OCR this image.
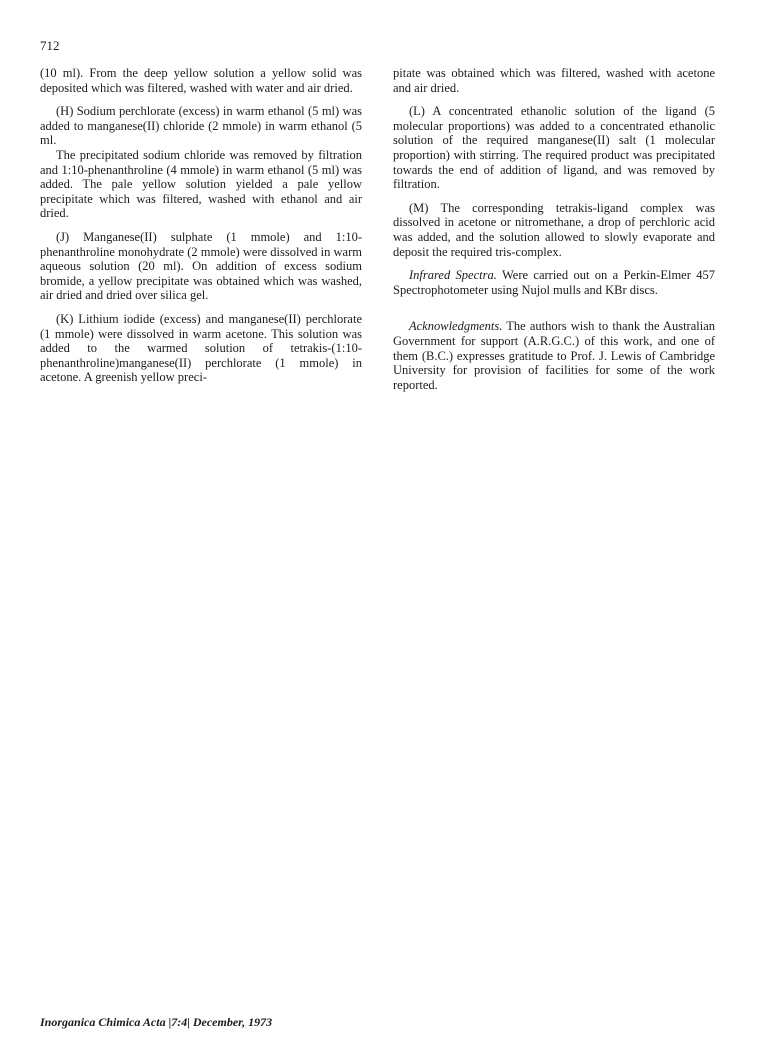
712

(10 ml). From the deep yellow solution a yellow solid was deposited which was filtered, washed with water and air dried.

(H) Sodium perchlorate (excess) in warm ethanol (5 ml) was added to manganese(II) chloride (2 mmole) in warm ethanol (5 ml.

The precipitated sodium chloride was removed by filtration and 1:10-phenanthroline (4 mmole) in warm ethanol (5 ml) was added. The pale yellow solution yielded a pale yellow precipitate which was filtered, washed with ethanol and air dried.

(J) Manganese(II) sulphate (1 mmole) and 1:10-phenanthroline monohydrate (2 mmole) were dissolved in warm aqueous solution (20 ml). On addition of excess sodium bromide, a yellow precipitate was obtained which was washed, air dried and dried over silica gel.

(K) Lithium iodide (excess) and manganese(II) perchlorate (1 mmole) were dissolved in warm acetone. This solution was added to the warmed solution of tetrakis-(1:10-phenanthroline)manganese(II) perchlorate (1 mmole) in acetone. A greenish yellow preci-

pitate was obtained which was filtered, washed with acetone and air dried.

(L) A concentrated ethanolic solution of the ligand (5 molecular proportions) was added to a concentrated ethanolic solution of the required manganese(II) salt (1 molecular proportion) with stirring. The required product was precipitated towards the end of addition of ligand, and was removed by filtration.

(M) The corresponding tetrakis-ligand complex was dissolved in acetone or nitromethane, a drop of perchloric acid was added, and the solution allowed to slowly evaporate and deposit the required tris-complex.

Infrared Spectra. Were carried out on a Perkin-Elmer 457 Spectrophotometer using Nujol mulls and KBr discs.

Acknowledgments. The authors wish to thank the Australian Government for support (A.R.G.C.) of this work, and one of them (B.C.) expresses gratitude to Prof. J. Lewis of Cambridge University for provision of facilities for some of the work reported.

Inorganica Chimica Acta |7:4| December, 1973
